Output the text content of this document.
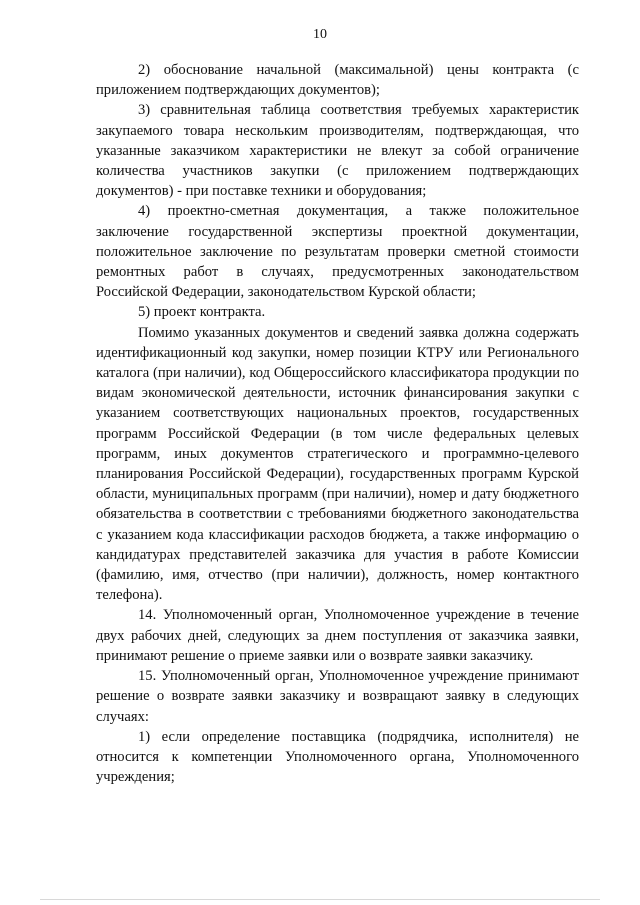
10

2) обоснование начальной (максимальной) цены контракта (с приложением подтверждающих документов);

3) сравнительная таблица соответствия требуемых характеристик закупаемого товара нескольким производителям, подтверждающая, что указанные заказчиком характеристики не влекут за собой ограничение количества участников закупки (с приложением подтверждающих документов) - при поставке техники и оборудования;

4) проектно-сметная документация, а также положительное заключение государственной экспертизы проектной документации, положительное заключение по результатам проверки сметной стоимости ремонтных работ в случаях, предусмотренных законодательством Российской Федерации, законодательством Курской области;

5) проект контракта.

Помимо указанных документов и сведений заявка должна содержать идентификационный код закупки, номер позиции КТРУ или Регионального каталога (при наличии), код Общероссийского классификатора продукции по видам экономической деятельности, источник финансирования закупки с указанием соответствующих национальных проектов, государственных программ Российской Федерации (в том числе федеральных целевых программ, иных документов стратегического и программно-целевого планирования Российской Федерации), государственных программ Курской области, муниципальных программ (при наличии), номер и дату бюджетного обязательства в соответствии с требованиями бюджетного законодательства с указанием кода классификации расходов бюджета, а также информацию о кандидатурах представителей заказчика для участия в работе Комиссии (фамилию, имя, отчество (при наличии), должность, номер контактного телефона).

14. Уполномоченный орган, Уполномоченное учреждение в течение двух рабочих дней, следующих за днем поступления от заказчика заявки, принимают решение о приеме заявки или о возврате заявки заказчику.

15. Уполномоченный орган, Уполномоченное учреждение принимают решение о возврате заявки заказчику и возвращают заявку в следующих случаях:

1) если определение поставщика (подрядчика, исполнителя) не относится к компетенции Уполномоченного органа, Уполномоченного учреждения;
